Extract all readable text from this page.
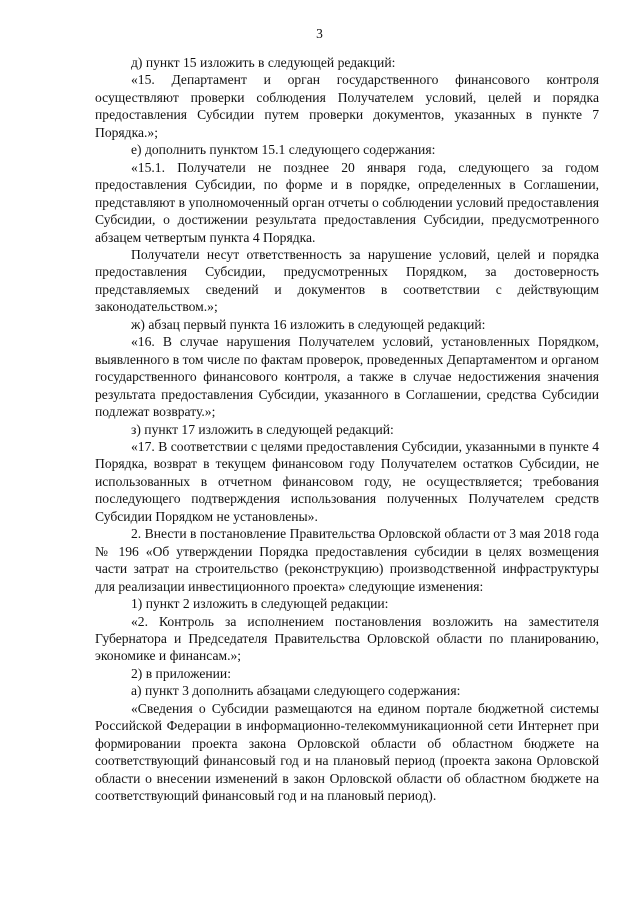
3

д) пункт 15 изложить в следующей редакций:

«15. Департамент и орган государственного финансового контроля осуществляют проверки соблюдения Получателем условий, целей и порядка предоставления Субсидии путем проверки документов, указанных в пункте 7 Порядка.»;

е) дополнить пунктом 15.1 следующего содержания:

«15.1. Получатели не позднее 20 января года, следующего за годом предоставления Субсидии, по форме и в порядке, определенных в Соглашении, представляют в уполномоченный орган отчеты о соблюдении условий предоставления Субсидии, о достижении результата предоставления Субсидии, предусмотренного абзацем четвертым пункта 4 Порядка.

Получатели несут ответственность за нарушение условий, целей и порядка предоставления Субсидии, предусмотренных Порядком, за достоверность представляемых сведений и документов в соответствии с действующим законодательством.»;

ж) абзац первый пункта 16 изложить в следующей редакций:

«16. В случае нарушения Получателем условий, установленных Порядком, выявленного в том числе по фактам проверок, проведенных Департаментом и органом государственного финансового контроля, а также в случае недостижения значения результата предоставления Субсидии, указанного в Соглашении, средства Субсидии подлежат возврату.»;

з) пункт 17 изложить в следующей редакций:

«17. В соответствии с целями предоставления Субсидии, указанными в пункте 4 Порядка, возврат в текущем финансовом году Получателем остатков Субсидии, не использованных в отчетном финансовом году, не осуществляется; требования последующего подтверждения использования полученных Получателем средств Субсидии Порядком не установлены».

2. Внести в постановление Правительства Орловской области от 3 мая 2018 года № 196 «Об утверждении Порядка предоставления субсидии в целях возмещения части затрат на строительство (реконструкцию) производственной инфраструктуры для реализации инвестиционного проекта» следующие изменения:

1) пункт 2 изложить в следующей редакции:

«2. Контроль за исполнением постановления возложить на заместителя Губернатора и Председателя Правительства Орловской области по планированию, экономике и финансам.»;

2) в приложении:

а) пункт 3 дополнить абзацами следующего содержания:

«Сведения о Субсидии размещаются на едином портале бюджетной системы Российской Федерации в информационно-телекоммуникационной сети Интернет при формировании проекта закона Орловской области об областном бюджете на соответствующий финансовый год и на плановый период (проекта закона Орловской области о внесении изменений в закон Орловской области об областном бюджете на соответствующий финансовый год и на плановый период).
